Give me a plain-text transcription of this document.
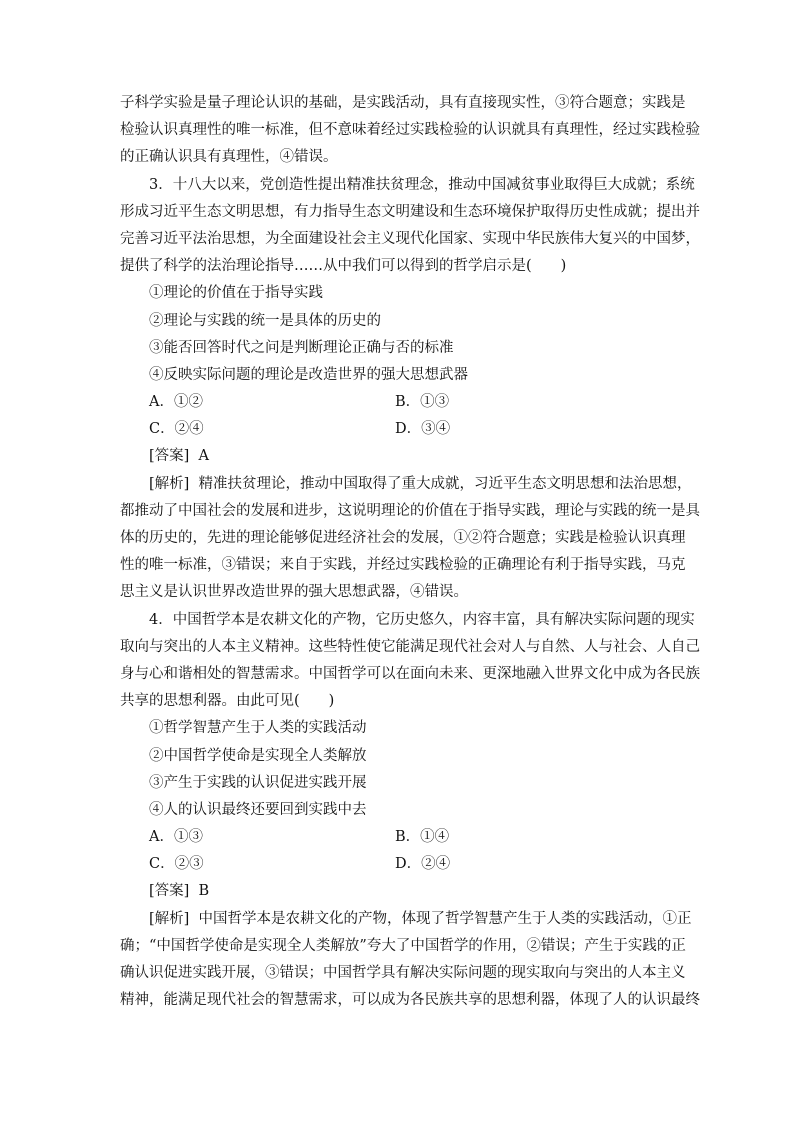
子科学实验是量子理论认识的基础，是实践活动，具有直接现实性，③符合题意；实践是
检验认识真理性的唯一标准，但不意味着经过实践检验的认识就具有真理性，经过实践检验
的正确认识具有真理性，④错误。
3．十八大以来，党创造性提出精准扶贫理念，推动中国减贫事业取得巨大成就；系统
形成习近平生态文明思想，有力指导生态文明建设和生态环境保护取得历史性成就；提出并
完善习近平法治思想，为全面建设社会主义现代化国家、实现中华民族伟大复兴的中国梦，
提供了科学的法治理论指导……从中我们可以得到的哲学启示是(　　)
①理论的价值在于指导实践
②理论与实践的统一是具体的历史的
③能否回答时代之问是判断理论正确与否的标准
④反映实际问题的理论是改造世界的强大思想武器
A．①②	B．①③
C．②④	D．③④
[答案] A
[解析] 精准扶贫理论，推动中国取得了重大成就，习近平生态文明思想和法治思想，
都推动了中国社会的发展和进步，这说明理论的价值在于指导实践，理论与实践的统一是具
体的历史的，先进的理论能够促进经济社会的发展，①②符合题意；实践是检验认识真理
性的唯一标准，③错误；来自于实践，并经过实践检验的正确理论有利于指导实践，马克
思主义是认识世界改造世界的强大思想武器，④错误。
4．中国哲学本是农耕文化的产物，它历史悠久，内容丰富，具有解决实际问题的现实
取向与突出的人本主义精神。这些特性使它能满足现代社会对人与自然、人与社会、人自己
身与心和谐相处的智慧需求。中国哲学可以在面向未来、更深地融入世界文化中成为各民族
共享的思想利器。由此可见(　　)
①哲学智慧产生于人类的实践活动
②中国哲学使命是实现全人类解放
③产生于实践的认识促进实践开展
④人的认识最终还要回到实践中去
A．①③	B．①④
C．②③	D．②④
[答案] B
[解析] 中国哲学本是农耕文化的产物，体现了哲学智慧产生于人类的实践活动，①正
确；“中国哲学使命是实现全人类解放”夸大了中国哲学的作用，②错误；产生于实践的正
确认识促进实践开展，③错误；中国哲学具有解决实际问题的现实取向与突出的人本主义
精神，能满足现代社会的智慧需求，可以成为各民族共享的思想利器，体现了人的认识最终
